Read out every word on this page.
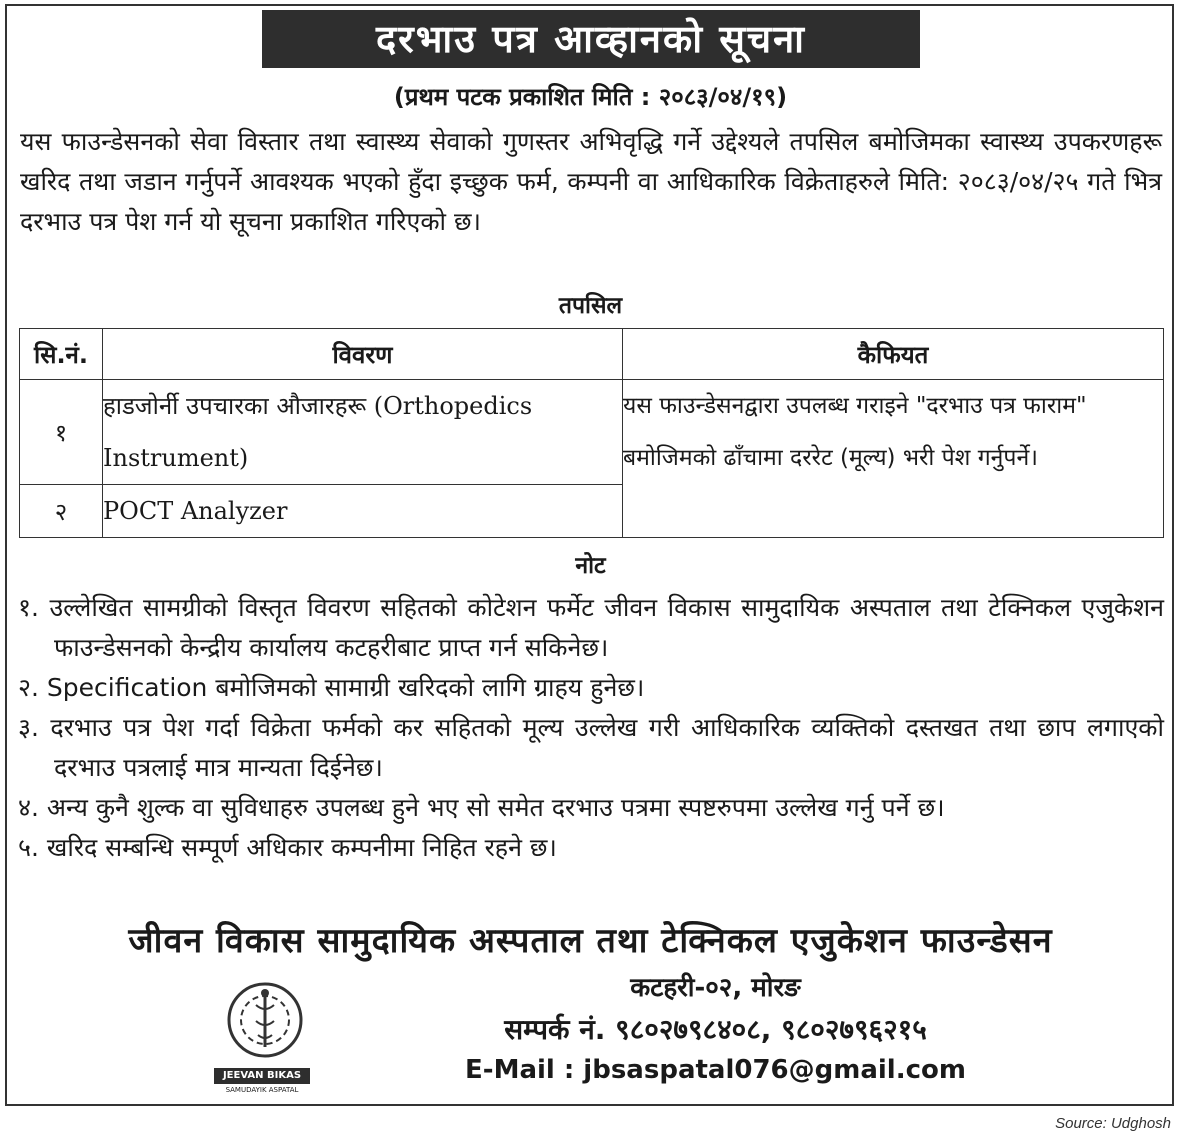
दरभाउ पत्र आव्हानको सूचना
(प्रथम पटक प्रकाशित मिति : २०८३/०४/१९)
यस फाउन्डेसनको सेवा विस्तार तथा स्वास्थ्य सेवाको गुणस्तर अभिवृद्धि गर्ने उद्देश्यले तपसिल बमोजिमका स्वास्थ्य उपकरणहरू खरिद तथा जडान गर्नुपर्ने आवश्यक भएको हुँदा इच्छुक फर्म, कम्पनी वा आधिकारिक विक्रेताहरुले मिति: २०८३/०४/२५ गते भित्र दरभाउ पत्र पेश गर्न यो सूचना प्रकाशित गरिएको छ।
तपसिल
सि.नं.	विवरण	कैफियत
१	हाडजोर्नी उपचारका औजारहरू (Orthopedics
Instrument)	यस फाउन्डेसनद्वारा उपलब्ध गराइने "दरभाउ पत्र फाराम" बमोजिमको ढाँचामा दररेट (मूल्य) भरी पेश गर्नुपर्ने।
२	POCT Analyzer	
नोट
१. उल्लेखित सामग्रीको विस्तृत विवरण सहितको कोटेशन फर्मेट जीवन विकास सामुदायिक अस्पताल तथा टेक्निकल एजुकेशन फाउन्डेसनको केन्द्रीय कार्यालय कटहरीबाट प्राप्त गर्न सकिनेछ।
२. Specification बमोजिमको सामाग्री खरिदको लागि ग्राहय हुनेछ।
३. दरभाउ पत्र पेश गर्दा विक्रेता फर्मको कर सहितको मूल्य उल्लेख गरी आधिकारिक व्यक्तिको दस्तखत तथा छाप लगाएको दरभाउ पत्रलाई मात्र मान्यता दिईनेछ।
४. अन्य कुनै शुल्क वा सुविधाहरु उपलब्ध हुने भए सो समेत दरभाउ पत्रमा स्पष्टरुपमा उल्लेख गर्नु पर्ने छ।
५. खरिद सम्बन्धि सम्पूर्ण अधिकार कम्पनीमा निहित रहने छ।
जीवन विकास सामुदायिक अस्पताल तथा टेक्निकल एजुकेशन फाउन्डेसन
JEEVAN BIKAS
SAMUDAYIK ASPATAL
कटहरी-०२, मोरङ
सम्पर्क नं. ९८०२७९८४०८, ९८०२७९६२१५
E-Mail : jbsaspatal076@gmail.com
Source: Udghosh
